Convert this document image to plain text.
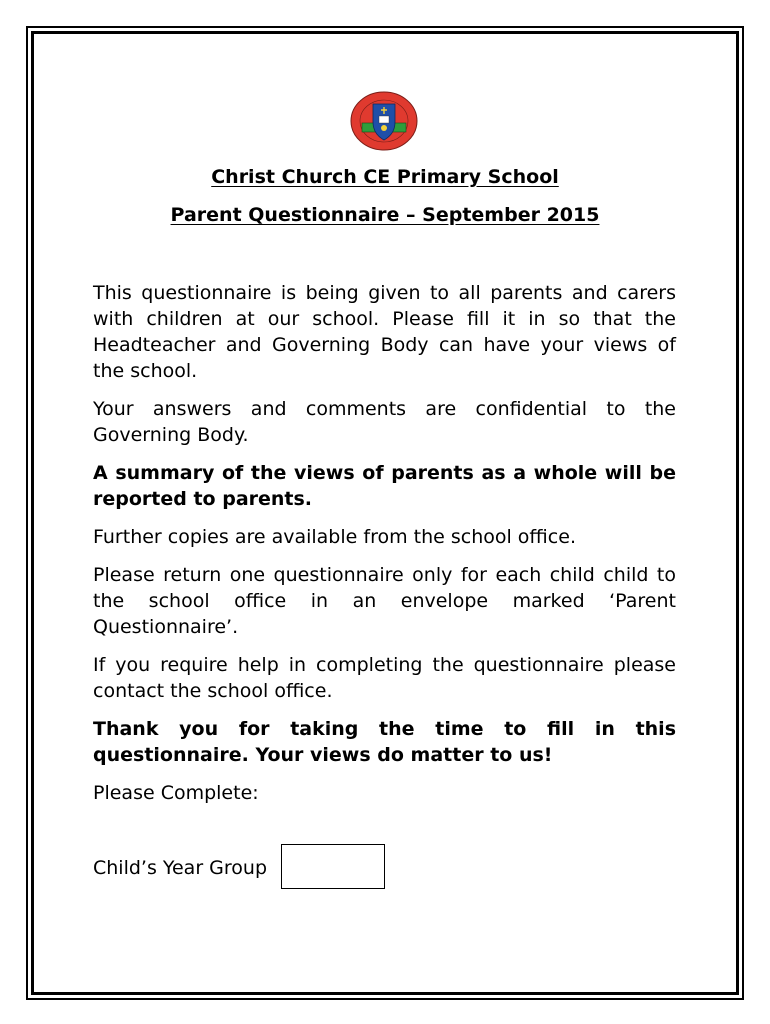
Christ Church CE Primary School
Parent Questionnaire – September 2015

This questionnaire is being given to all parents and carers with children at our school. Please fill it in so that the Headteacher and Governing Body can have your views of the school.

Your answers and comments are confidential to the Governing Body.

A summary of the views of parents as a whole will be reported to parents.

Further copies are available from the school office.

Please return one questionnaire only for each child child to the school office in an envelope marked ‘Parent Questionnaire’.

If you require help in completing the questionnaire please contact the school office.

Thank you for taking the time to fill in this questionnaire. Your views do matter to us!

Please Complete:

Child’s Year Group
